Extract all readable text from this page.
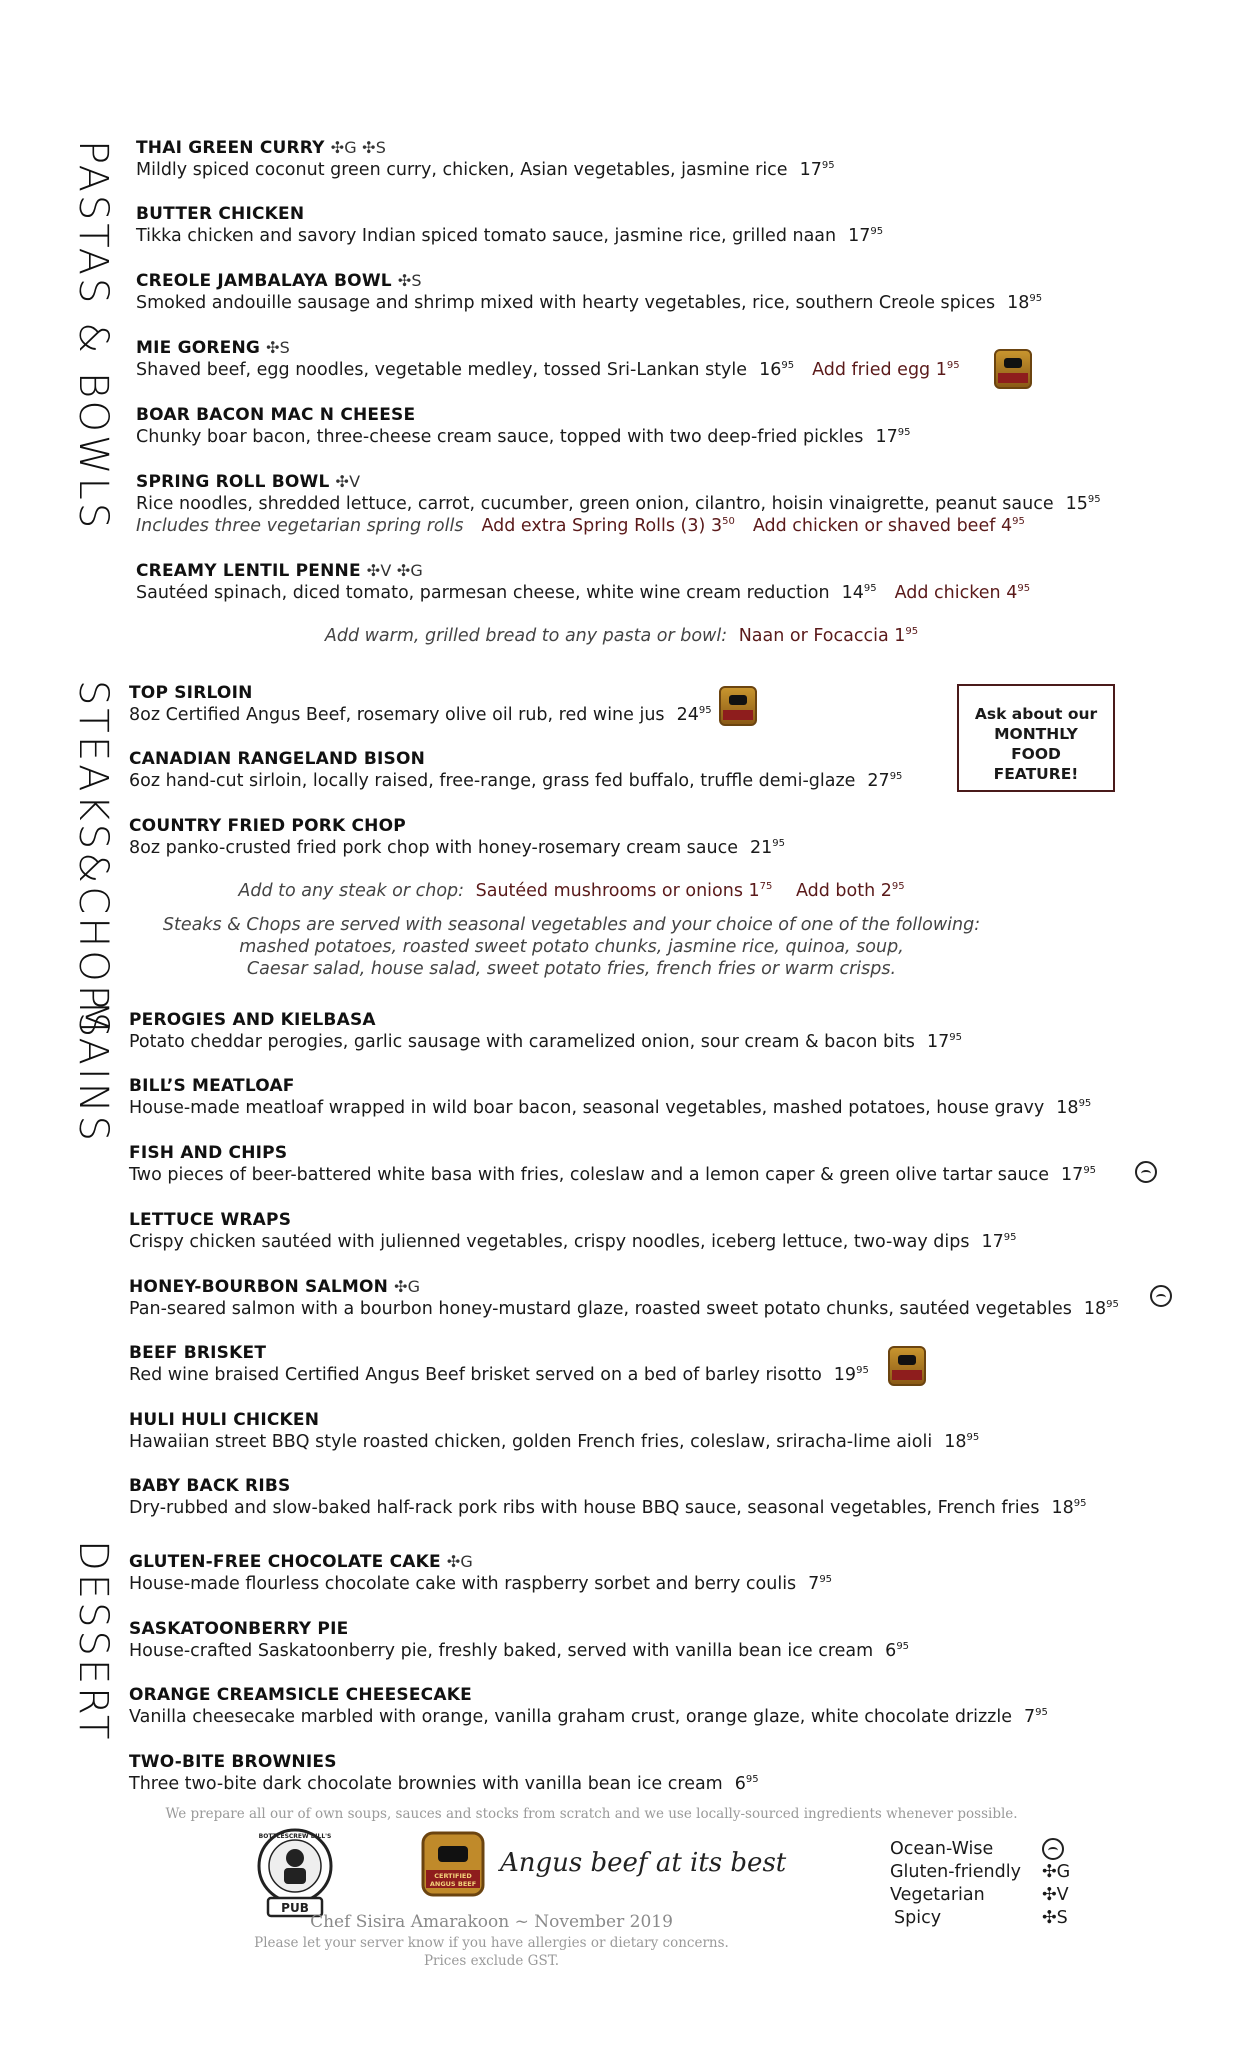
PASTAS & BOWLS
STEAKS&CHOPS
MAINS
DESSERT
THAI GREEN CURRY ✣G ✣S
Mildly spiced coconut green curry, chicken, Asian vegetables, jasmine rice $17^{95}$
BUTTER CHICKEN
Tikka chicken and savory Indian spiced tomato sauce, jasmine rice, grilled naan $17^{95}$
CREOLE JAMBALAYA BOWL ✣S
Smoked andouille sausage and shrimp mixed with hearty vegetables, rice, southern Creole spices $18^{95}$
MIE GORENG ✣S
Shaved beef, egg noodles, vegetable medley, tossed Sri-Lankan style $16^{95}$ Add fried egg $1^{95}$
BOAR BACON MAC N CHEESE
Chunky boar bacon, three-cheese cream sauce, topped with two deep-fried pickles $17^{95}$
SPRING ROLL BOWL ✣V
Rice noodles, shredded lettuce, carrot, cucumber, green onion, cilantro, hoisin vinaigrette, peanut sauce $15^{95}$
Includes three vegetarian spring rolls Add extra Spring Rolls (3) $3^{50}$ Add chicken or shaved beef $4^{95}$
CREAMY LENTIL PENNE ✣V ✣G
Sautéed spinach, diced tomato, parmesan cheese, white wine cream reduction $14^{95}$ Add chicken $4^{95}$
Add warm, grilled bread to any pasta or bowl: Naan or Focaccia $1^{95}$
TOP SIRLOIN
8oz Certified Angus Beef, rosemary olive oil rub, red wine jus $24^{95}$
CANADIAN RANGELAND BISON
6oz hand-cut sirloin, locally raised, free-range, grass fed buffalo, truffle demi-glaze $27^{95}$
COUNTRY FRIED PORK CHOP
8oz panko-crusted fried pork chop with honey-rosemary cream sauce $21^{95}$
Ask about our
MONTHLY
FOOD
FEATURE!
Add to any steak or chop: Sautéed mushrooms or onions $1^{75}$ Add both $2^{95}$
Steaks & Chops are served with seasonal vegetables and your choice of one of the following:
mashed potatoes, roasted sweet potato chunks, jasmine rice, quinoa, soup,
Caesar salad, house salad, sweet potato fries, french fries or warm crisps.
PEROGIES AND KIELBASA
Potato cheddar perogies, garlic sausage with caramelized onion, sour cream & bacon bits $17^{95}$
BILL’S MEATLOAF
House-made meatloaf wrapped in wild boar bacon, seasonal vegetables, mashed potatoes, house gravy $18^{95}$
FISH AND CHIPS
Two pieces of beer-battered white basa with fries, coleslaw and a lemon caper & green olive tartar sauce $17^{95}$
LETTUCE WRAPS
Crispy chicken sautéed with julienned vegetables, crispy noodles, iceberg lettuce, two-way dips $17^{95}$
HONEY-BOURBON SALMON ✣G
Pan-seared salmon with a bourbon honey-mustard glaze, roasted sweet potato chunks, sautéed vegetables $18^{95}$
BEEF BRISKET
Red wine braised Certified Angus Beef brisket served on a bed of barley risotto $19^{95}$
HULI HULI CHICKEN
Hawaiian street BBQ style roasted chicken, golden French fries, coleslaw, sriracha-lime aioli $18^{95}$
BABY BACK RIBS
Dry-rubbed and slow-baked half-rack pork ribs with house BBQ sauce, seasonal vegetables, French fries $18^{95}$
GLUTEN-FREE CHOCOLATE CAKE ✣G
House-made flourless chocolate cake with raspberry sorbet and berry coulis $7^{95}$
SASKATOONBERRY PIE
House-crafted Saskatoonberry pie, freshly baked, served with vanilla bean ice cream $6^{95}$
ORANGE CREAMSICLE CHEESECAKE
Vanilla cheesecake marbled with orange, vanilla graham crust, orange glaze, white chocolate drizzle $7^{95}$
TWO-BITE BROWNIES
Three two-bite dark chocolate brownies with vanilla bean ice cream $6^{95}$
We prepare all our of own soups, sauces and stocks from scratch and we use locally-sourced ingredients whenever possible.
BOTTLESCREW BILL'S
PUB
CERTIFIED
ANGUS BEEF
Angus beef at its best
Chef Sisira Amarakoon ~ November 2019
Please let your server know if you have allergies or dietary concerns.
Prices exclude GST.
Ocean-Wise
Gluten-friendly ✣G
Vegetarian	✣V
Spicy	✣S
